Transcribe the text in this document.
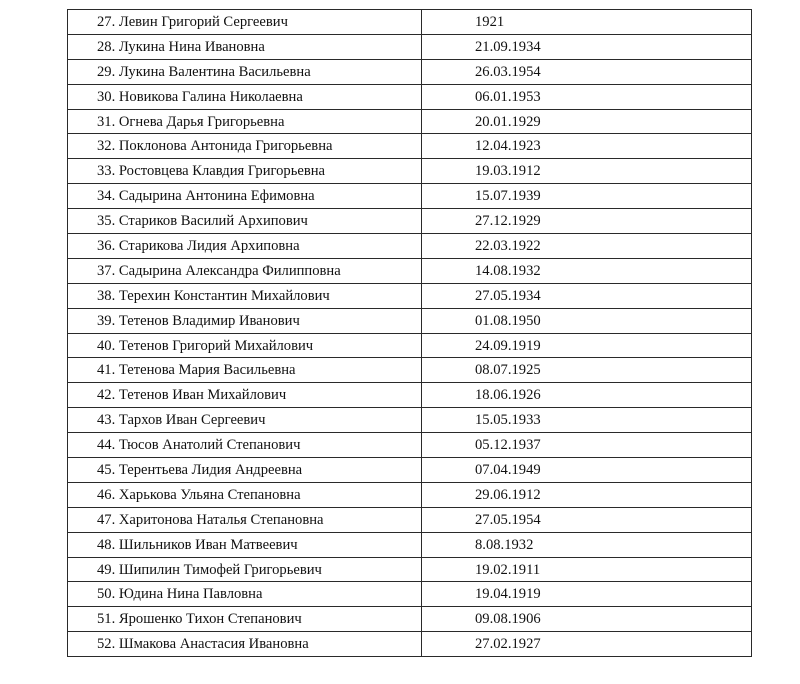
27. Левин Григорий Сергеевич	1921
28. Лукина Нина Ивановна	21.09.1934
29. Лукина Валентина Васильевна	26.03.1954
30. Новикова Галина Николаевна	06.01.1953
31. Огнева Дарья Григорьевна	20.01.1929
32. Поклонова Антонида Григорьевна	12.04.1923
33. Ростовцева Клавдия Григорьевна	19.03.1912
34. Садырина Антонина Ефимовна	15.07.1939
35. Стариков Василий Архипович	27.12.1929
36. Старикова Лидия Архиповна	22.03.1922
37. Садырина Александра Филипповна	14.08.1932
38. Терехин Константин Михайлович	27.05.1934
39. Тетенов Владимир Иванович	01.08.1950
40. Тетенов Григорий Михайлович	24.09.1919
41. Тетенова Мария Васильевна	08.07.1925
42. Тетенов Иван Михайлович	18.06.1926
43. Тархов Иван Сергеевич	15.05.1933
44. Тюсов Анатолий Степанович	05.12.1937
45. Терентьева Лидия Андреевна	07.04.1949
46. Харькова Ульяна Степановна	29.06.1912
47. Харитонова Наталья Степановна	27.05.1954
48. Шильников Иван Матвеевич	8.08.1932
49. Шипилин Тимофей Григорьевич	19.02.1911
50. Юдина Нина Павловна	19.04.1919
51. Ярошенко Тихон Степанович	09.08.1906
52. Шмакова Анастасия Ивановна	27.02.1927
